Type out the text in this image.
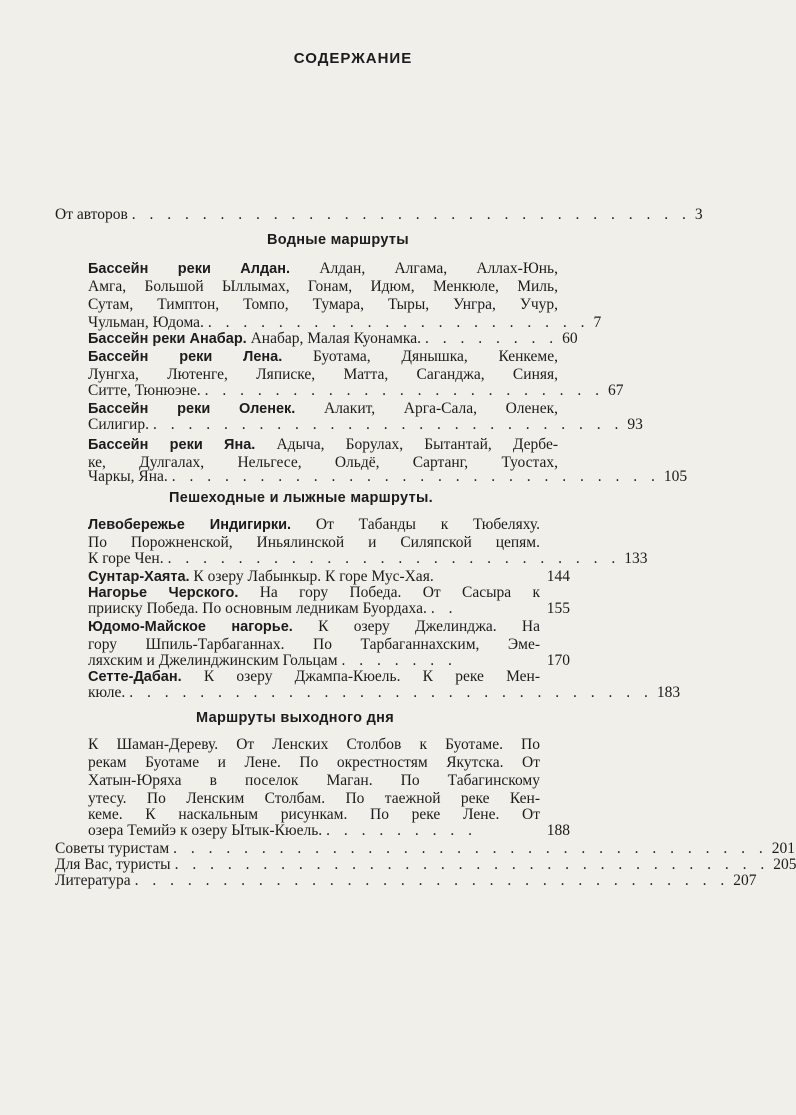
СОДЕРЖАНИЕ
От авторов . . . . . . . . . . . . . . . . . . . . . . . . . . . . . . . . 3
Водные маршруты
Бассейн реки Алдан. Алдан, Алгама, Аллах-Юнь,
Амга, Большой Ыллымах, Гонам, Идюм, Менкюле, Миль,
Сутам, Тимптон, Томпо, Тумара, Тыры, Унгра, Учур,
Чульман, Юдома. . . . . . . . . . . . . . . . . . . . . . . 7
Бассейн реки Анабар. Анабар, Малая Куонамка. . . . . . . . . 60
Бассейн реки Лена. Буотама, Дянышка, Кенкеме,
Лунгха, Лютенге, Ляписке, Матта, Саганджа, Синяя,
Ситте, Тюнюэне. . . . . . . . . . . . . . . . . . . . . . . . 67
Бассейн реки Оленек. Алакит, Арга-Сала, Оленек,
Силигир. . . . . . . . . . . . . . . . . . . . . . . . . . . . 93
Бассейн реки Яна. Адыча, Борулах, Бытантай, Дербе-
ке, Дулгалах, Нельгесе, Ольдё, Сартанг, Туостах,
Чаркы, Яна. . . . . . . . . . . . . . . . . . . . . . . . . . . . . 105
Пешеходные и лыжные маршруты.
Левобережье Индигирки. От Табанды к Тюбеляху.
По Порожненской, Иньялинской и Силяпской цепям.
К горе Чен. . . . . . . . . . . . . . . . . . . . . . . . . . . 133
Сунтар-Хаята. К озеру Лабынкыр. К горе Мус-Хая.	144
Нагорье Черского. На гору Победа. От Сасыра к
прииску Победа. По основным ледникам Буордаха. . .	155
Юдомо-Майское нагорье. К озеру Джелинджа. На
гору Шпиль-Тарбаганнах. По Тарбаганнахским, Эме-
ляхским и Джелинджинским Гольцам . . . . . . .	170
Сетте-Дабан. К озеру Джампа-Кюель. К реке Мен-
кюле. . . . . . . . . . . . . . . . . . . . . . . . . . . . . . . 183
Маршруты выходного дня
К Шаман-Дереву. От Ленских Столбов к Буотаме. По
рекам Буотаме и Лене. По окрестностям Якутска. От
Хатын-Юряха в поселок Маган. По Табагинскому
утесу. По Ленским Столбам. По таежной реке Кен-
кеме. К наскальным рисункам. По реке Лене. От
озера Темийэ к озеру Ытык-Кюель. . . . . . . . . .	188
Советы туристам . . . . . . . . . . . . . . . . . . . . . . . . . . . . . . . . . . 201
Для Вас, туристы . . . . . . . . . . . . . . . . . . . . . . . . . . . . . . . . . . 205
Литература . . . . . . . . . . . . . . . . . . . . . . . . . . . . . . . . . . 207
